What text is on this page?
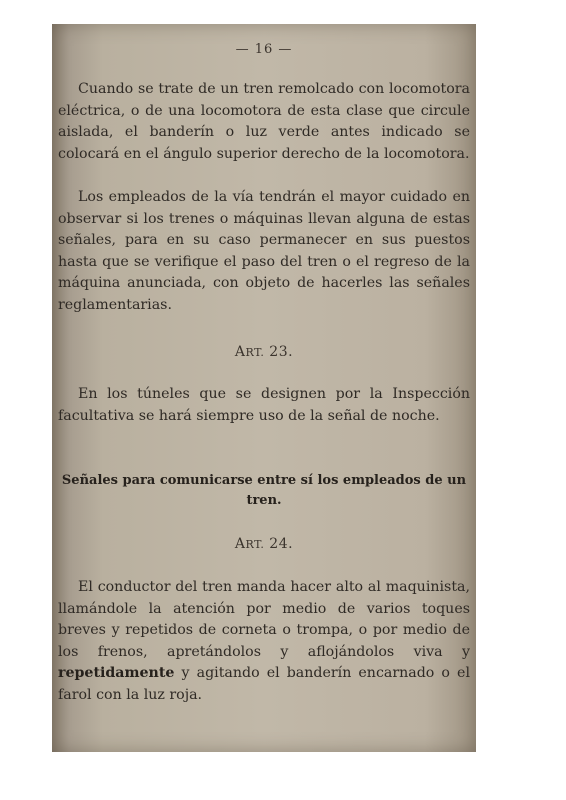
— 16 —

Cuando se trate de un tren remolcado con locomotora eléctrica, o de una locomotora de esta clase que circule aislada, el banderín o luz verde antes indicado se colocará en el ángulo superior derecho de la locomotora.

Los empleados de la vía tendrán el mayor cuidado en observar si los trenes o máquinas llevan alguna de estas señales, para en su caso permanecer en sus puestos hasta que se verifique el paso del tren o el regreso de la máquina anunciada, con objeto de hacerles las señales reglamentarias.

ART. 23.

En los túneles que se designen por la Inspección facultativa se hará siempre uso de la señal de noche.

Señales para comunicarse entre sí los empleados de un tren.
ART. 24.

El conductor del tren manda hacer alto al maquinista, llamándole la atención por medio de varios toques breves y repetidos de corneta o trompa, o por medio de los frenos, apretándolos y aflojándolos viva y repetidamente y agitando el banderín encarnado o el farol con la luz roja.
